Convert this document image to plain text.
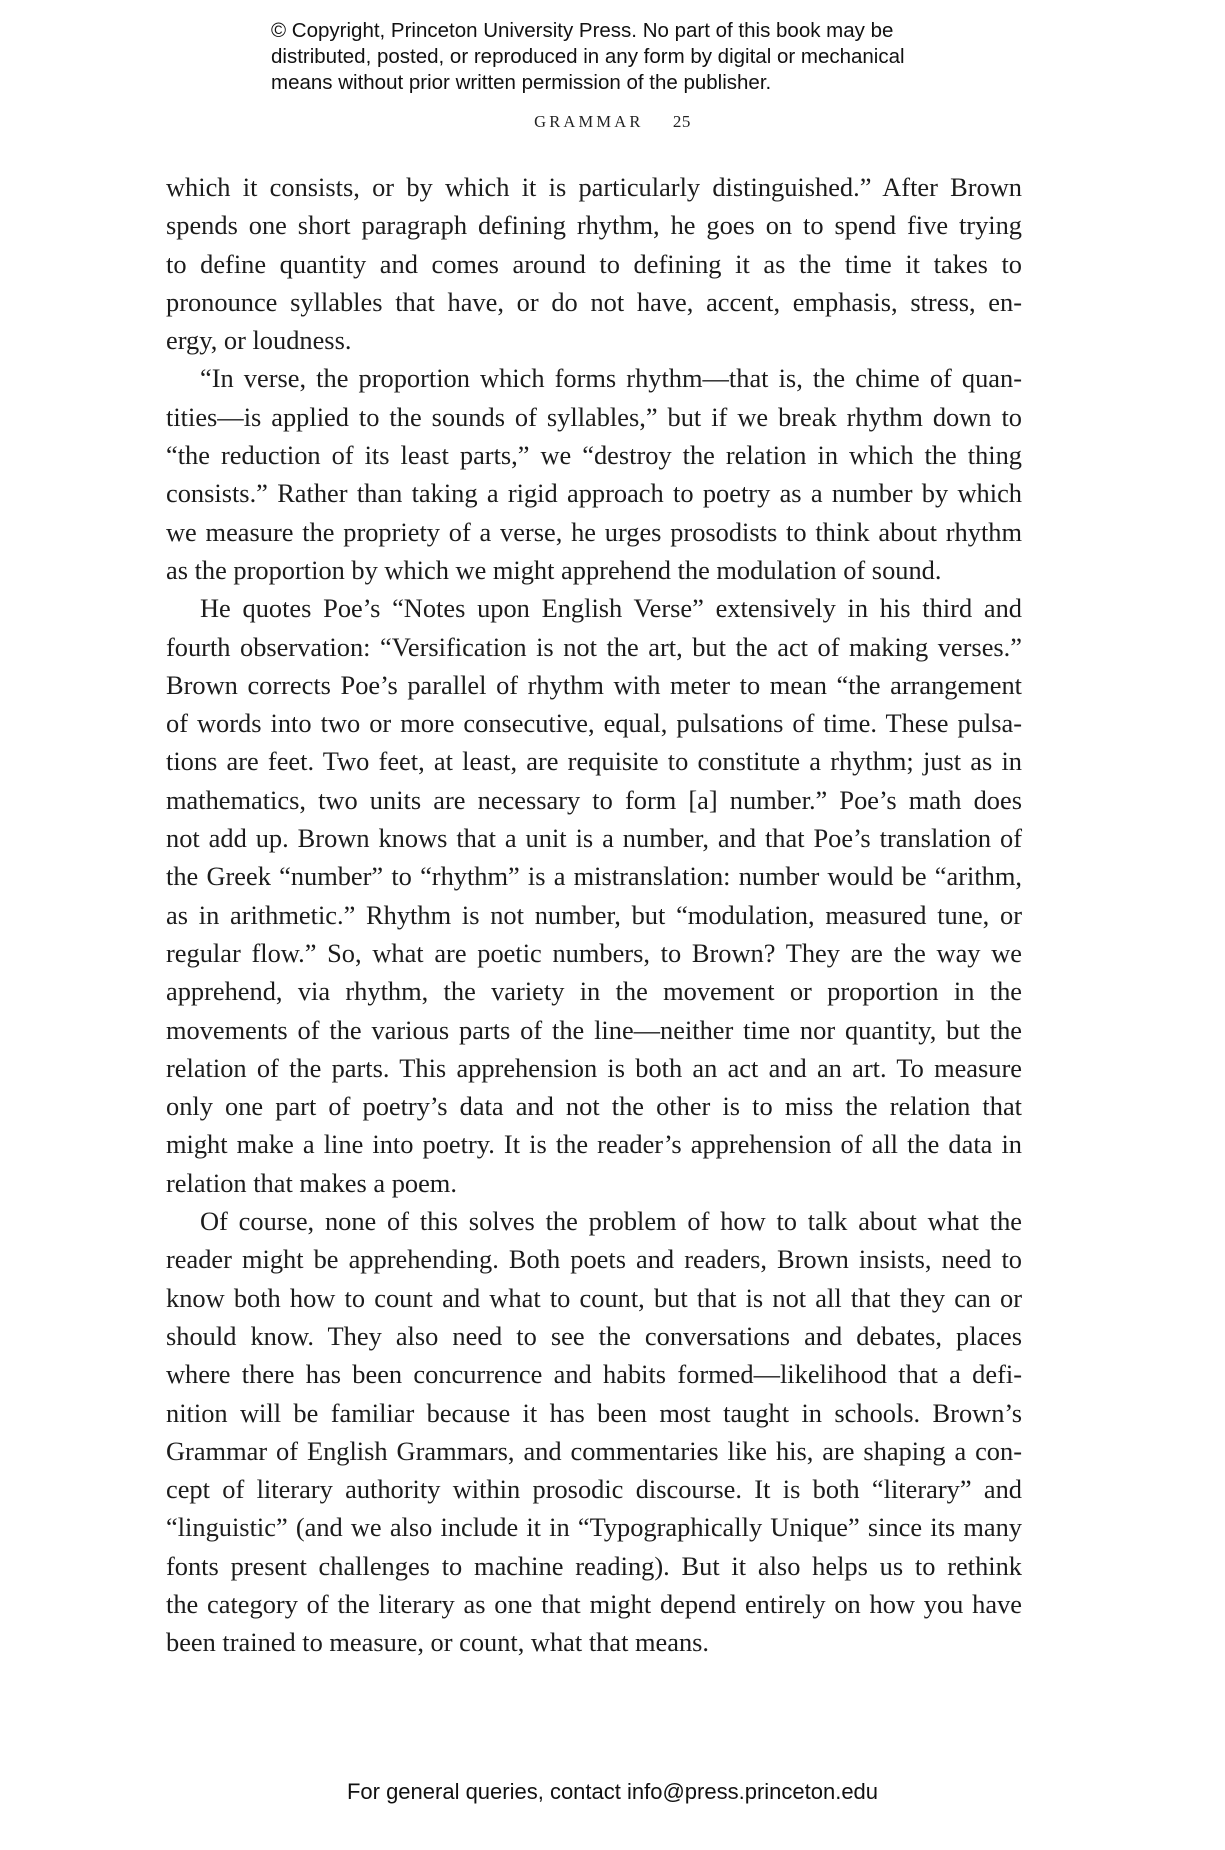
© Copyright, Princeton University Press. No part of this book may be
distributed, posted, or reproduced in any form by digital or mechanical
means without prior written permission of the publisher.
GRAMMAR 25
which it consists, or by which it is particularly distinguished.” After Brown
spends one short paragraph defining rhythm, he goes on to spend five trying
to define quantity and comes around to defining it as the time it takes to
pronounce syllables that have, or do not have, accent, emphasis, stress, en-
ergy, or loudness.
“In verse, the proportion which forms rhythm—that is, the chime of quan-
tities—is applied to the sounds of syllables,” but if we break rhythm down to
“the reduction of its least parts,” we “destroy the relation in which the thing
consists.” Rather than taking a rigid approach to poetry as a number by which
we measure the propriety of a verse, he urges prosodists to think about rhythm
as the proportion by which we might apprehend the modulation of sound.
He quotes Poe’s “Notes upon English Verse” extensively in his third and
fourth observation: “Versification is not the art, but the act of making verses.”
Brown corrects Poe’s parallel of rhythm with meter to mean “the arrangement
of words into two or more consecutive, equal, pulsations of time. These pulsa-
tions are feet. Two feet, at least, are requisite to constitute a rhythm; just as in
mathematics, two units are necessary to form [a] number.” Poe’s math does
not add up. Brown knows that a unit is a number, and that Poe’s translation of
the Greek “number” to “rhythm” is a mistranslation: number would be “arithm,
as in arithmetic.” Rhythm is not number, but “modulation, measured tune, or
regular flow.” So, what are poetic numbers, to Brown? They are the way we
apprehend, via rhythm, the variety in the movement or proportion in the
movements of the various parts of the line—neither time nor quantity, but the
relation of the parts. This apprehension is both an act and an art. To measure
only one part of poetry’s data and not the other is to miss the relation that
might make a line into poetry. It is the reader’s apprehension of all the data in
relation that makes a poem.
Of course, none of this solves the problem of how to talk about what the
reader might be apprehending. Both poets and readers, Brown insists, need to
know both how to count and what to count, but that is not all that they can or
should know. They also need to see the conversations and debates, places
where there has been concurrence and habits formed—likelihood that a defi-
nition will be familiar because it has been most taught in schools. Brown’s
Grammar of English Grammars, and commentaries like his, are shaping a con-
cept of literary authority within prosodic discourse. It is both “literary” and
“linguistic” (and we also include it in “Typographically Unique” since its many
fonts present challenges to machine reading). But it also helps us to rethink
the category of the literary as one that might depend entirely on how you have
been trained to measure, or count, what that means.
For general queries, contact info@press.princeton.edu
